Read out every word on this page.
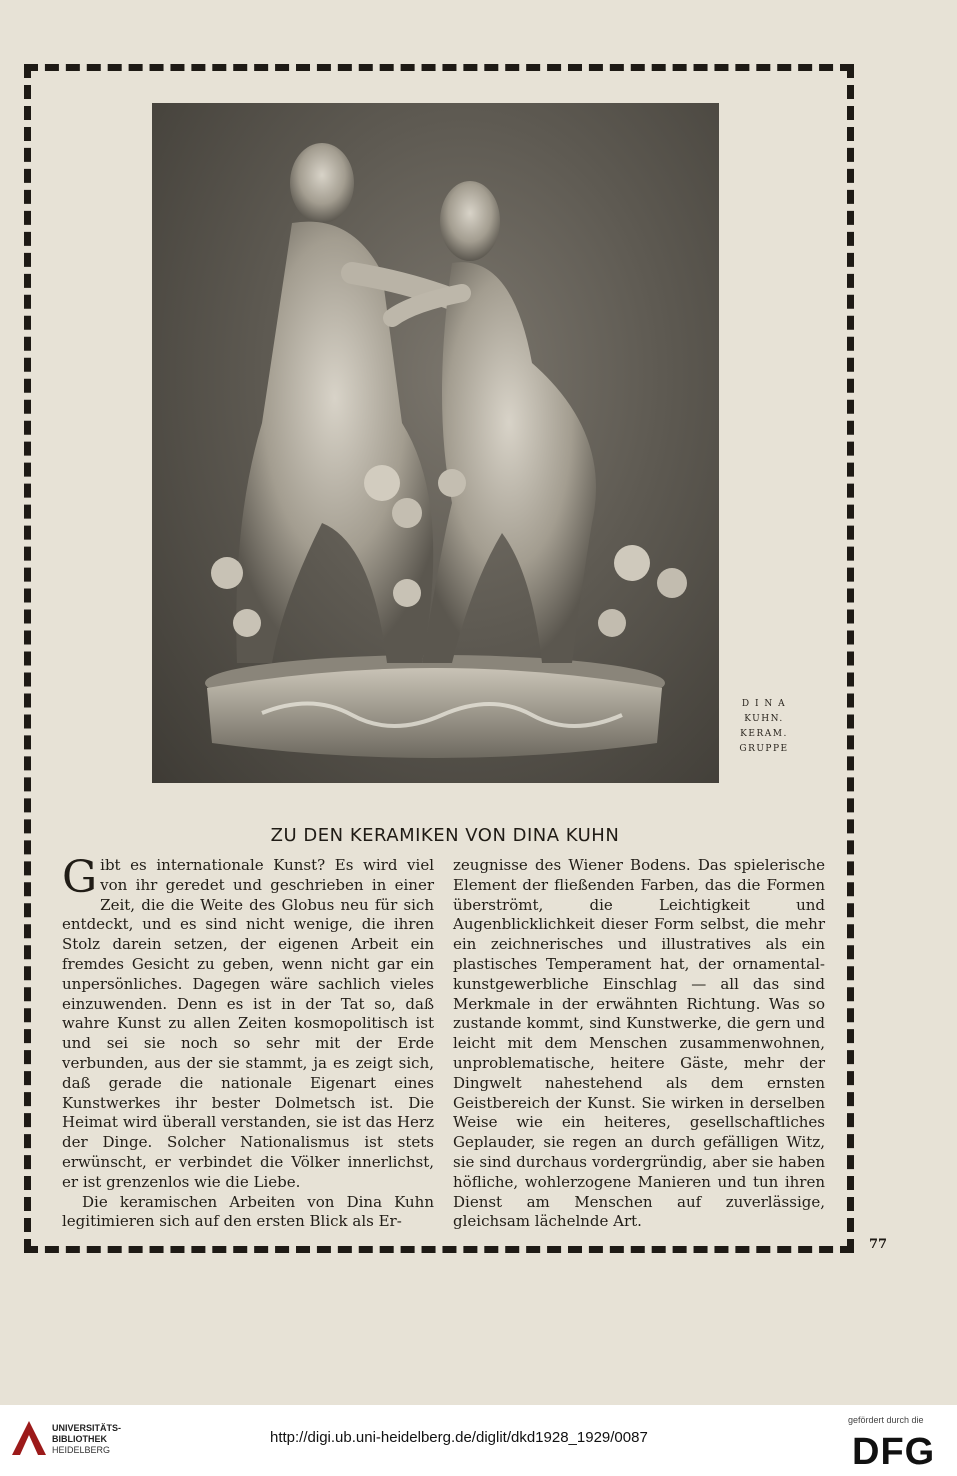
D I N A
KUHN.
KERAM.
GRUPPE
ZU DEN KERAMIKEN VON DINA KUHN

Gibt es internationale Kunst? Es wird viel von ihr geredet und geschrieben in einer Zeit, die die Weite des Globus neu für sich entdeckt, und es sind nicht wenige, die ihren Stolz darein setzen, der eigenen Arbeit ein fremdes Gesicht zu geben, wenn nicht gar ein unpersönliches. Dagegen wäre sachlich vieles einzuwenden. Denn es ist in der Tat so, daß wahre Kunst zu allen Zeiten kosmopolitisch ist und sei sie noch so sehr mit der Erde verbunden, aus der sie stammt, ja es zeigt sich, daß gerade die nationale Eigenart eines Kunstwerkes ihr bester Dolmetsch ist. Die Heimat wird überall verstanden, sie ist das Herz der Dinge. Solcher Nationalismus ist stets erwünscht, er verbindet die Völker innerlichst, er ist grenzenlos wie die Liebe.

Die keramischen Arbeiten von Dina Kuhn legitimieren sich auf den ersten Blick als Er-

zeugnisse des Wiener Bodens. Das spielerische Element der fließenden Farben, das die Formen überströmt, die Leichtigkeit und Augenblicklichkeit dieser Form selbst, die mehr ein zeichnerisches und illustratives als ein plastisches Temperament hat, der ornamental-kunstgewerbliche Einschlag — all das sind Merkmale in der erwähnten Richtung. Was so zustande kommt, sind Kunstwerke, die gern und leicht mit dem Menschen zusammenwohnen, unproblematische, heitere Gäste, mehr der Dingwelt nahestehend als dem ernsten Geistbereich der Kunst. Sie wirken in derselben Weise wie ein heiteres, gesellschaftliches Geplauder, sie regen an durch gefälligen Witz, sie sind durchaus vordergründig, aber sie haben höfliche, wohlerzogene Manieren und tun ihren Dienst am Menschen auf zuverlässige, gleichsam lächelnde Art.

77
UNIVERSITÄTS-
BIBLIOTHEK
HEIDELBERG
http://digi.ub.uni-heidelberg.de/diglit/dkd1928_1929/0087
gefördert durch die
DFG
